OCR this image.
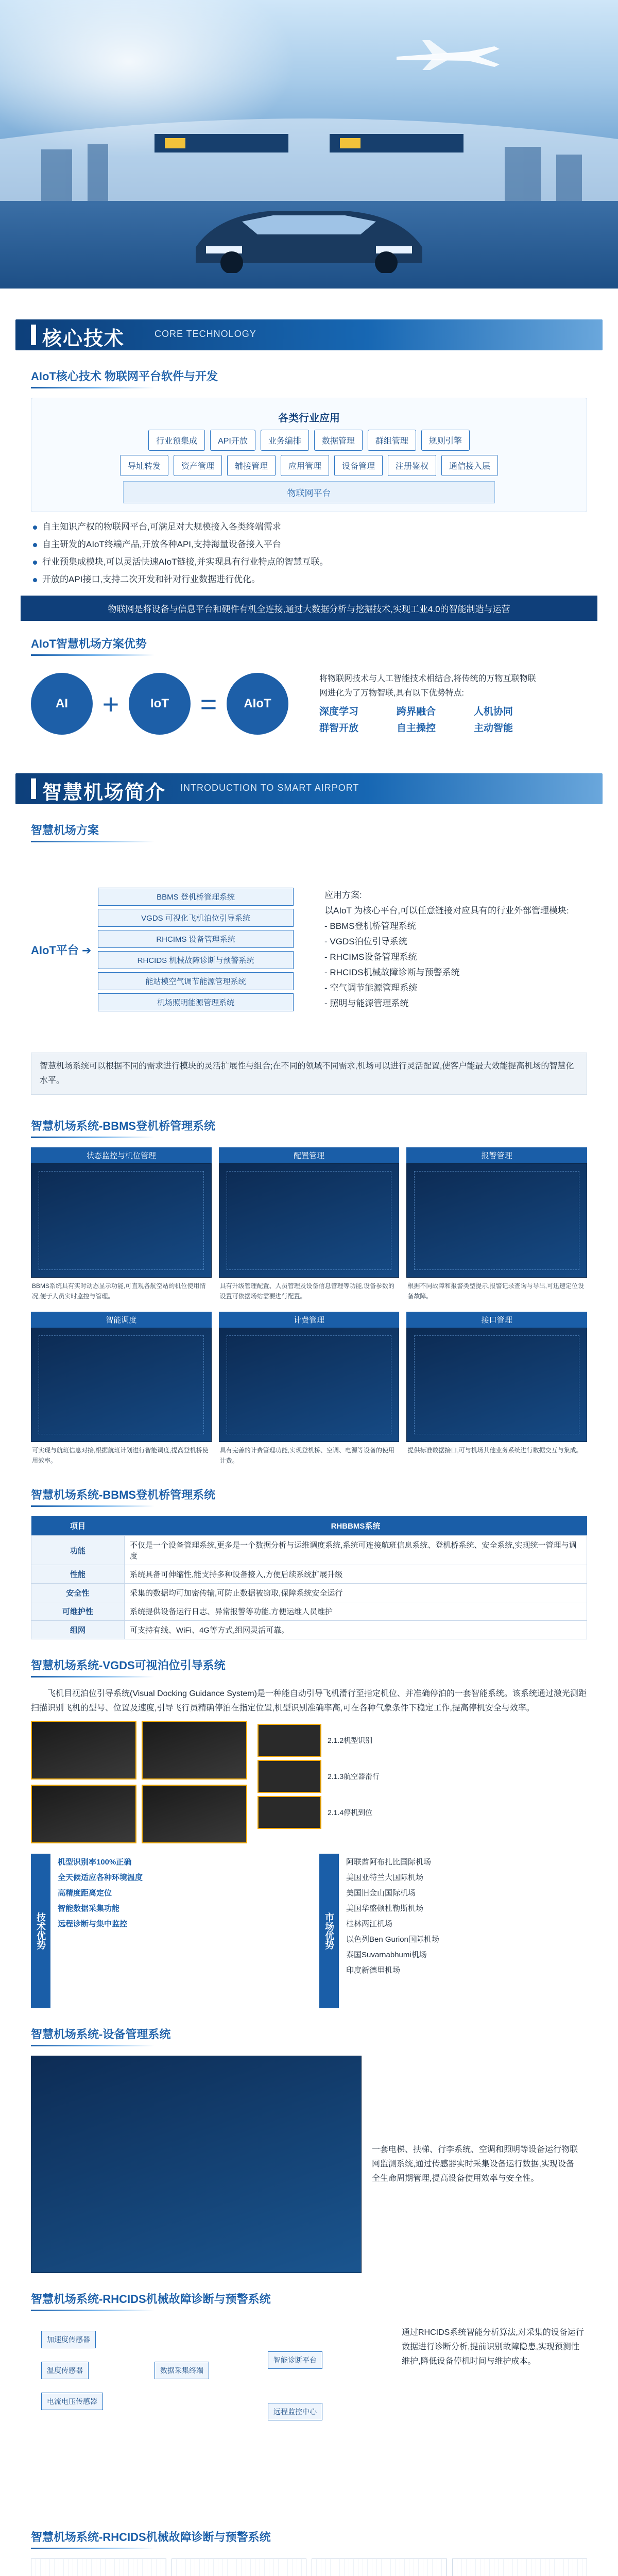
核心技术	CORE TECHNOLOGY
AIoT核心技术 物联网平台软件与开发
各类行业应用
行业预集成	API开放	业务编排	数据管理	群组管理	规则引擎
导址转发	资产管理	辅接管理	应用管理	设备管理	注册鉴权	通信接入层
物联网平台
自主知识产权的物联网平台,可满足对大规模接入各类终端需求
自主研发的AIoT终端产品,开放各种API,支持海量设备接入平台
行业预集成模块,可以灵活快速AIoT链接,并实现具有行业特点的智慧互联。
开放的API接口,支持二次开发和针对行业数据进行优化。
物联网是将设备与信息平台和硬件有机全连接,通过大数据分析与挖掘技术,实现工业4.0的智能制造与运营
AIoT智慧机场方案优势
AI	+	IoT	=	AIoT
将物联网技术与人工智能技术相结合,将传统的万物互联物联网进化为了万物智联,具有以下优势特点:
深度学习	跨界融合	人机协同
群智开放	自主操控	主动智能
智慧机场简介 INTRODUCTION TO SMART AIRPORT
智慧机场方案
AIoT平台 ➔
BBMS 登机桥管理系统
VGDS 可视化飞机泊位引导系统
RHCIMS 设备管理系统
RHCIDS 机械故障诊断与预警系统
能站模空气调节能源管理系统
机场照明能源管理系统
应用方案:
以AIoT 为核心平台,可以任意链接对应具有的行业外部管理模块:
- BBMS登机桥管理系统
- VGDS泊位引导系统
- RHCIMS设备管理系统
- RHCIDS机械故障诊断与预警系统
- 空气调节能源管理系统
- 照明与能源管理系统
智慧机场系统可以根据不同的需求进行模块的灵活扩展性与组合;在不同的领域不同需求,机场可以进行灵活配置,使客户能最大效能提高机场的智慧化水平。
智慧机场系统-BBMS登机桥管理系统
状态监控与机位管理
BBMS系统具有实时动态显示功能,可直观各航空站的机位使用情况,便于人员实时监控与管理。
配置管理
具有升级管理配置、人员管理及设备信息管理等功能,设备参数的设置可依据场站需要进行配置。
报警管理
根据不同故障和报警类型提示,报警记录查询与导出,可迅速定位设备故障。
智能调度
可实现与航班信息对接,根据航班计划进行智能调度,提高登机桥使用效率。
计费管理
具有完善的计费管理功能,实现登机桥、空调、电源等设备的使用计费。
接口管理
提供标准数据接口,可与机场其他业务系统进行数据交互与集成。
智慧机场系统-BBMS登机桥管理系统
项目	RHBBMS系统
功能	不仅是一个设备管理系统,更多是一个数据分析与运维调度系统,系统可连接航班信息系统、登机桥系统、安全系统,实现统一管理与调度
性能	系统具备可伸缩性,能支持多种设备接入,方便后续系统扩展升级
安全性	采集的数据均可加密传输,可防止数据被窃取,保障系统安全运行
可维护性	系统提供设备运行日志、异常报警等功能,方便运维人员维护
组网	可支持有线、WiFi、4G等方式,组网灵活可靠。
智慧机场系统-VGDS可视泊位引导系统
飞机目视泊位引导系统(Visual Docking Guidance System)是一种能自动引导飞机滑行至指定机位、并准确停泊的一套智能系统。该系统通过激光测距扫描识别飞机的型号、位置及速度,引导飞行员精确停泊在指定位置,机型识别准确率高,可在各种气象条件下稳定工作,提高停机安全与效率。
2.1.2机型识别
2.1.3航空器滑行
2.1.4停机到位
技术优势

机型识别率100%正确

全天候适应各种环境温度

高精度距离定位

智能数据采集功能

远程诊断与集中监控	市场优势

阿联酋阿布扎比国际机场

美国亚特兰大国际机场

美国旧金山国际机场

美国华盛顿杜勒斯机场

桂林两江机场

以色列Ben Gurion国际机场

泰国Suvarnabhumi机场

印度新德里机场

智慧机场系统-设备管理系统
一套电梯、扶梯、行李系统、空调和照明等设备运行物联网监测系统,通过传感器实时采集设备运行数据,实现设备全生命周期管理,提高设备使用效率与安全性。
智慧机场系统-RHCIDS机械故障诊断与预警系统
加速度传感器
温度传感器
电流电压传感器
数据采集终端
智能诊断平台
远程监控中心
通过RHCIDS系统智能分析算法,对采集的设备运行数据进行诊断分析,提前识别故障隐患,实现预测性维护,降低设备停机时间与维护成本。
智慧机场系统-RHCIDS机械故障诊断与预警系统
